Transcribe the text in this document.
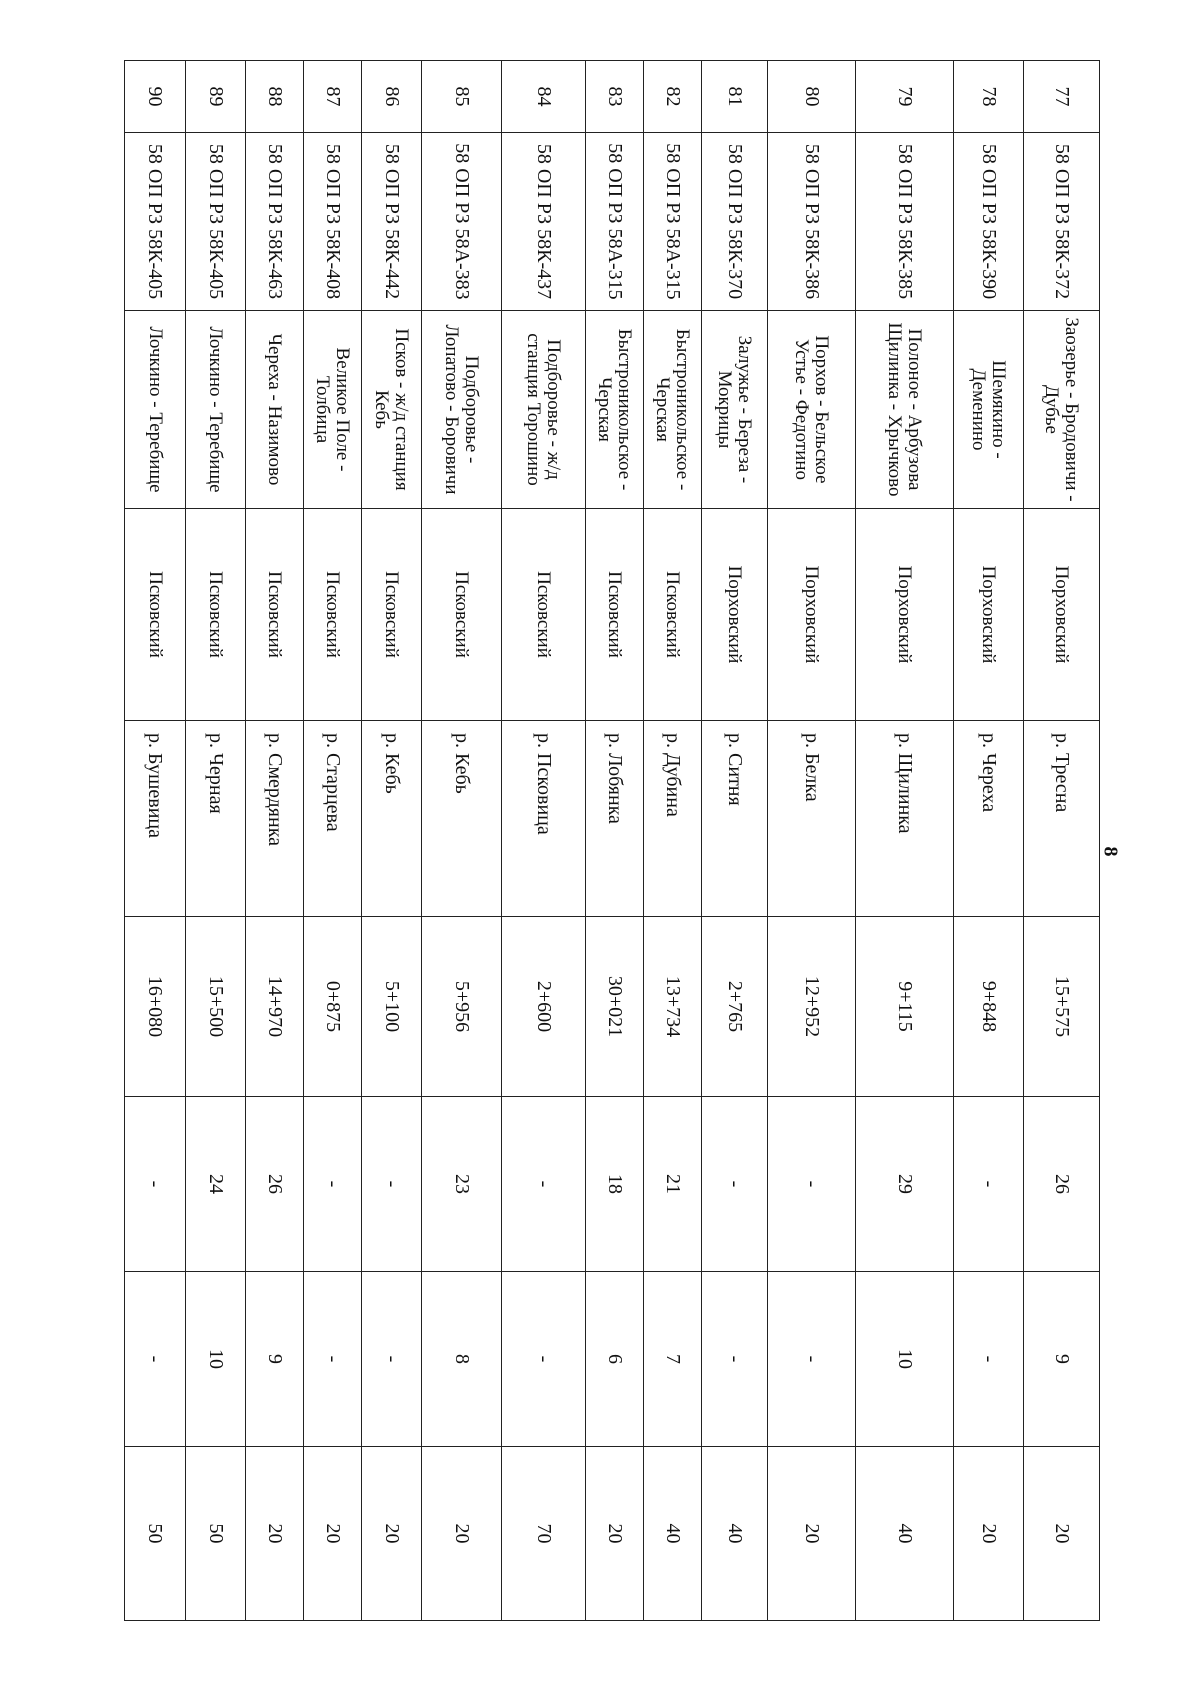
8
77	58 ОП РЗ 58К-372	Заозерье - Бродовичи - Дубье	Порховский	р. Тресна	15+575	26	9	20
78	58 ОП РЗ 58К-390	Шемякино - Деменино	Порховский	р. Череха	9+848	-	-	20
79	58 ОП РЗ 58К-385	Полоное - Арбузова Щилинка - Хрычково	Порховский	р. Щилинка	9+115	29	10	40
80	58 ОП РЗ 58К-386	Порхов - Бельское Устье - Федотино	Порховский	р. Белка	12+952	-	-	20
81	58 ОП РЗ 58К-370	Залужье - Береза - Мокрицы	Порховский	р. Ситня	2+765	-	-	40
82	58 ОП РЗ 58А-315	Быстроникольское - Черская	Псковский	р. Дубина	13+734	21	7	40
83	58 ОП РЗ 58А-315	Быстроникольское - Черская	Псковский	р. Лобянка	30+021	18	6	20
84	58 ОП РЗ 58К-437	Подборовье - ж/д станция Торошино	Псковский	р. Псковица	2+600	-	-	70
85	58 ОП РЗ 58А-383	Подборовье - Лопатово - Боровичи	Псковский	р. Кебь	5+956	23	8	20
86	58 ОП РЗ 58К-442	Псков - ж/д станция Кебь	Псковский	р. Кебь	5+100	-	-	20
87	58 ОП РЗ 58К-408	Великое Поле - Толбица	Псковский	р. Старцева	0+875	-	-	20
88	58 ОП РЗ 58К-463	Череха - Назимово	Псковский	р. Смердянка	14+970	26	9	20
89	58 ОП РЗ 58К-405	Лочкино - Теребище	Псковский	р. Черная	15+500	24	10	50
90	58 ОП РЗ 58К-405	Лочкино - Теребище	Псковский	р. Бушевица	16+080	-	-	50
